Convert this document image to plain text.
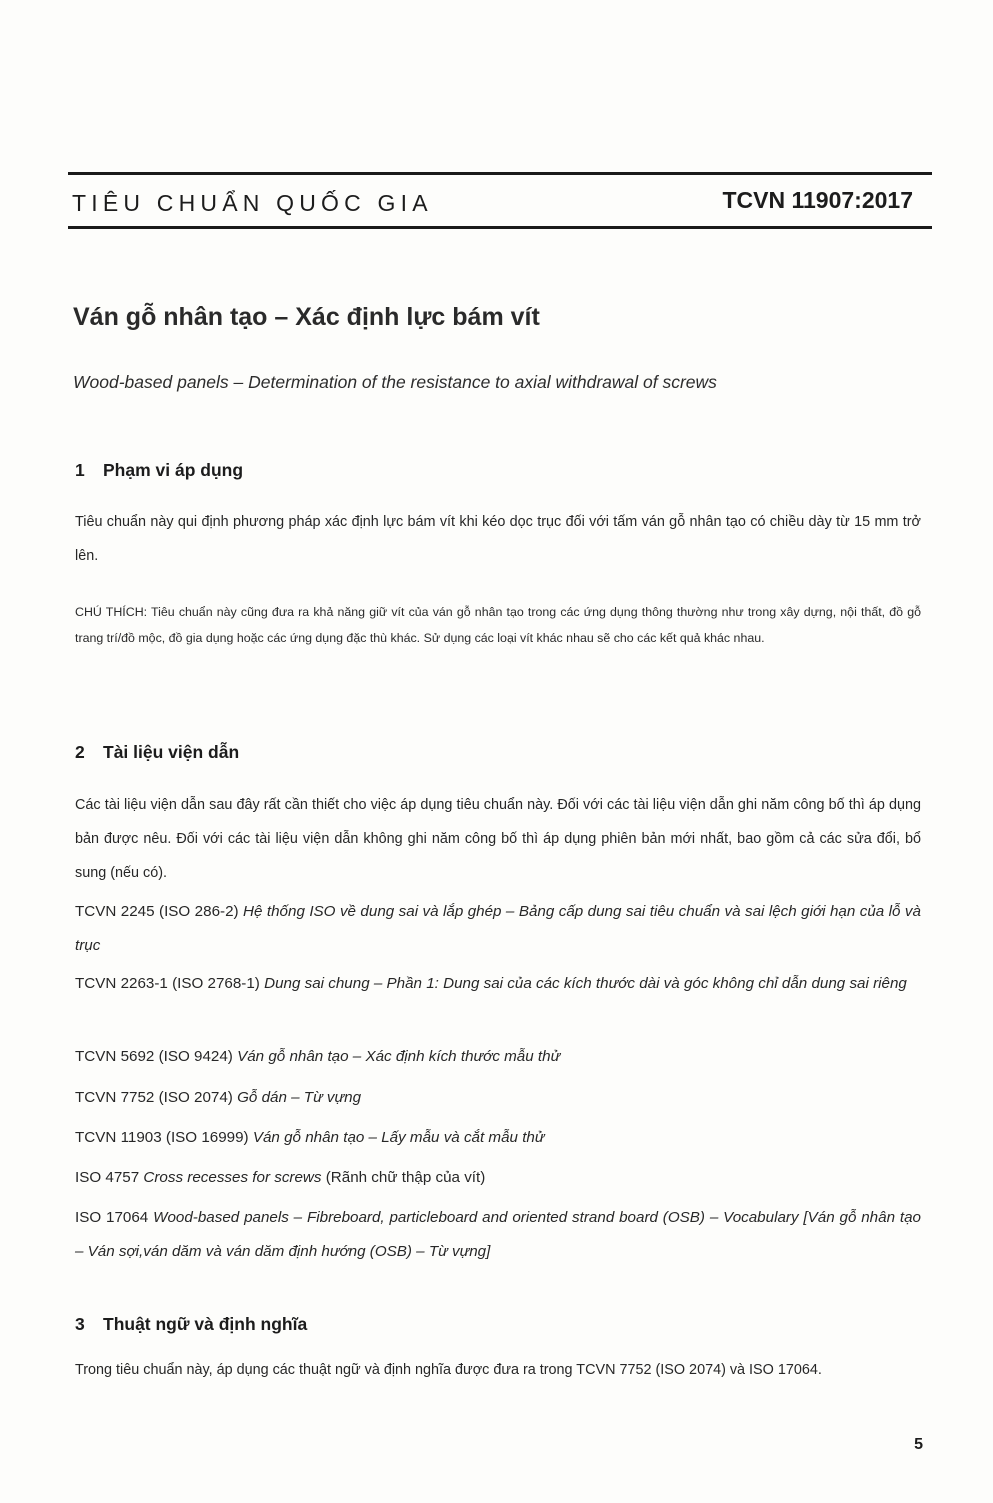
TIÊU CHUẨN QUỐC GIA	TCVN 11907:2017
Ván gỗ nhân tạo – Xác định lực bám vít
Wood-based panels – Determination of the resistance to axial withdrawal of screws
1 Phạm vi áp dụng
Tiêu chuẩn này qui định phương pháp xác định lực bám vít khi kéo dọc trục đối với tấm ván gỗ nhân tạo có chiều dày từ 15 mm trở lên.
CHÚ THÍCH: Tiêu chuẩn này cũng đưa ra khả năng giữ vít của ván gỗ nhân tạo trong các ứng dụng thông thường như trong xây dựng, nội thất, đồ gỗ trang trí/đồ mộc, đồ gia dụng hoặc các ứng dụng đặc thù khác. Sử dụng các loại vít khác nhau sẽ cho các kết quả khác nhau.
2 Tài liệu viện dẫn
Các tài liệu viện dẫn sau đây rất cần thiết cho việc áp dụng tiêu chuẩn này. Đối với các tài liệu viện dẫn ghi năm công bố thì áp dụng bản được nêu. Đối với các tài liệu viện dẫn không ghi năm công bố thì áp dụng phiên bản mới nhất, bao gồm cả các sửa đổi, bổ sung (nếu có).
TCVN 2245 (ISO 286-2) Hệ thống ISO về dung sai và lắp ghép – Bảng cấp dung sai tiêu chuẩn và sai lệch giới hạn của lỗ và trục
TCVN 2263-1 (ISO 2768-1) Dung sai chung – Phần 1: Dung sai của các kích thước dài và góc không chỉ dẫn dung sai riêng
TCVN 5692 (ISO 9424) Ván gỗ nhân tạo – Xác định kích thước mẫu thử
TCVN 7752 (ISO 2074) Gỗ dán – Từ vựng
TCVN 11903 (ISO 16999) Ván gỗ nhân tạo – Lấy mẫu và cắt mẫu thử
ISO 4757 Cross recesses for screws (Rãnh chữ thập của vít)
ISO 17064 Wood-based panels – Fibreboard, particleboard and oriented strand board (OSB) – Vocabulary [Ván gỗ nhân tạo – Ván sợi,ván dăm và ván dăm định hướng (OSB) – Từ vựng]
3 Thuật ngữ và định nghĩa
Trong tiêu chuẩn này, áp dụng các thuật ngữ và định nghĩa được đưa ra trong TCVN 7752 (ISO 2074) và ISO 17064.
5
